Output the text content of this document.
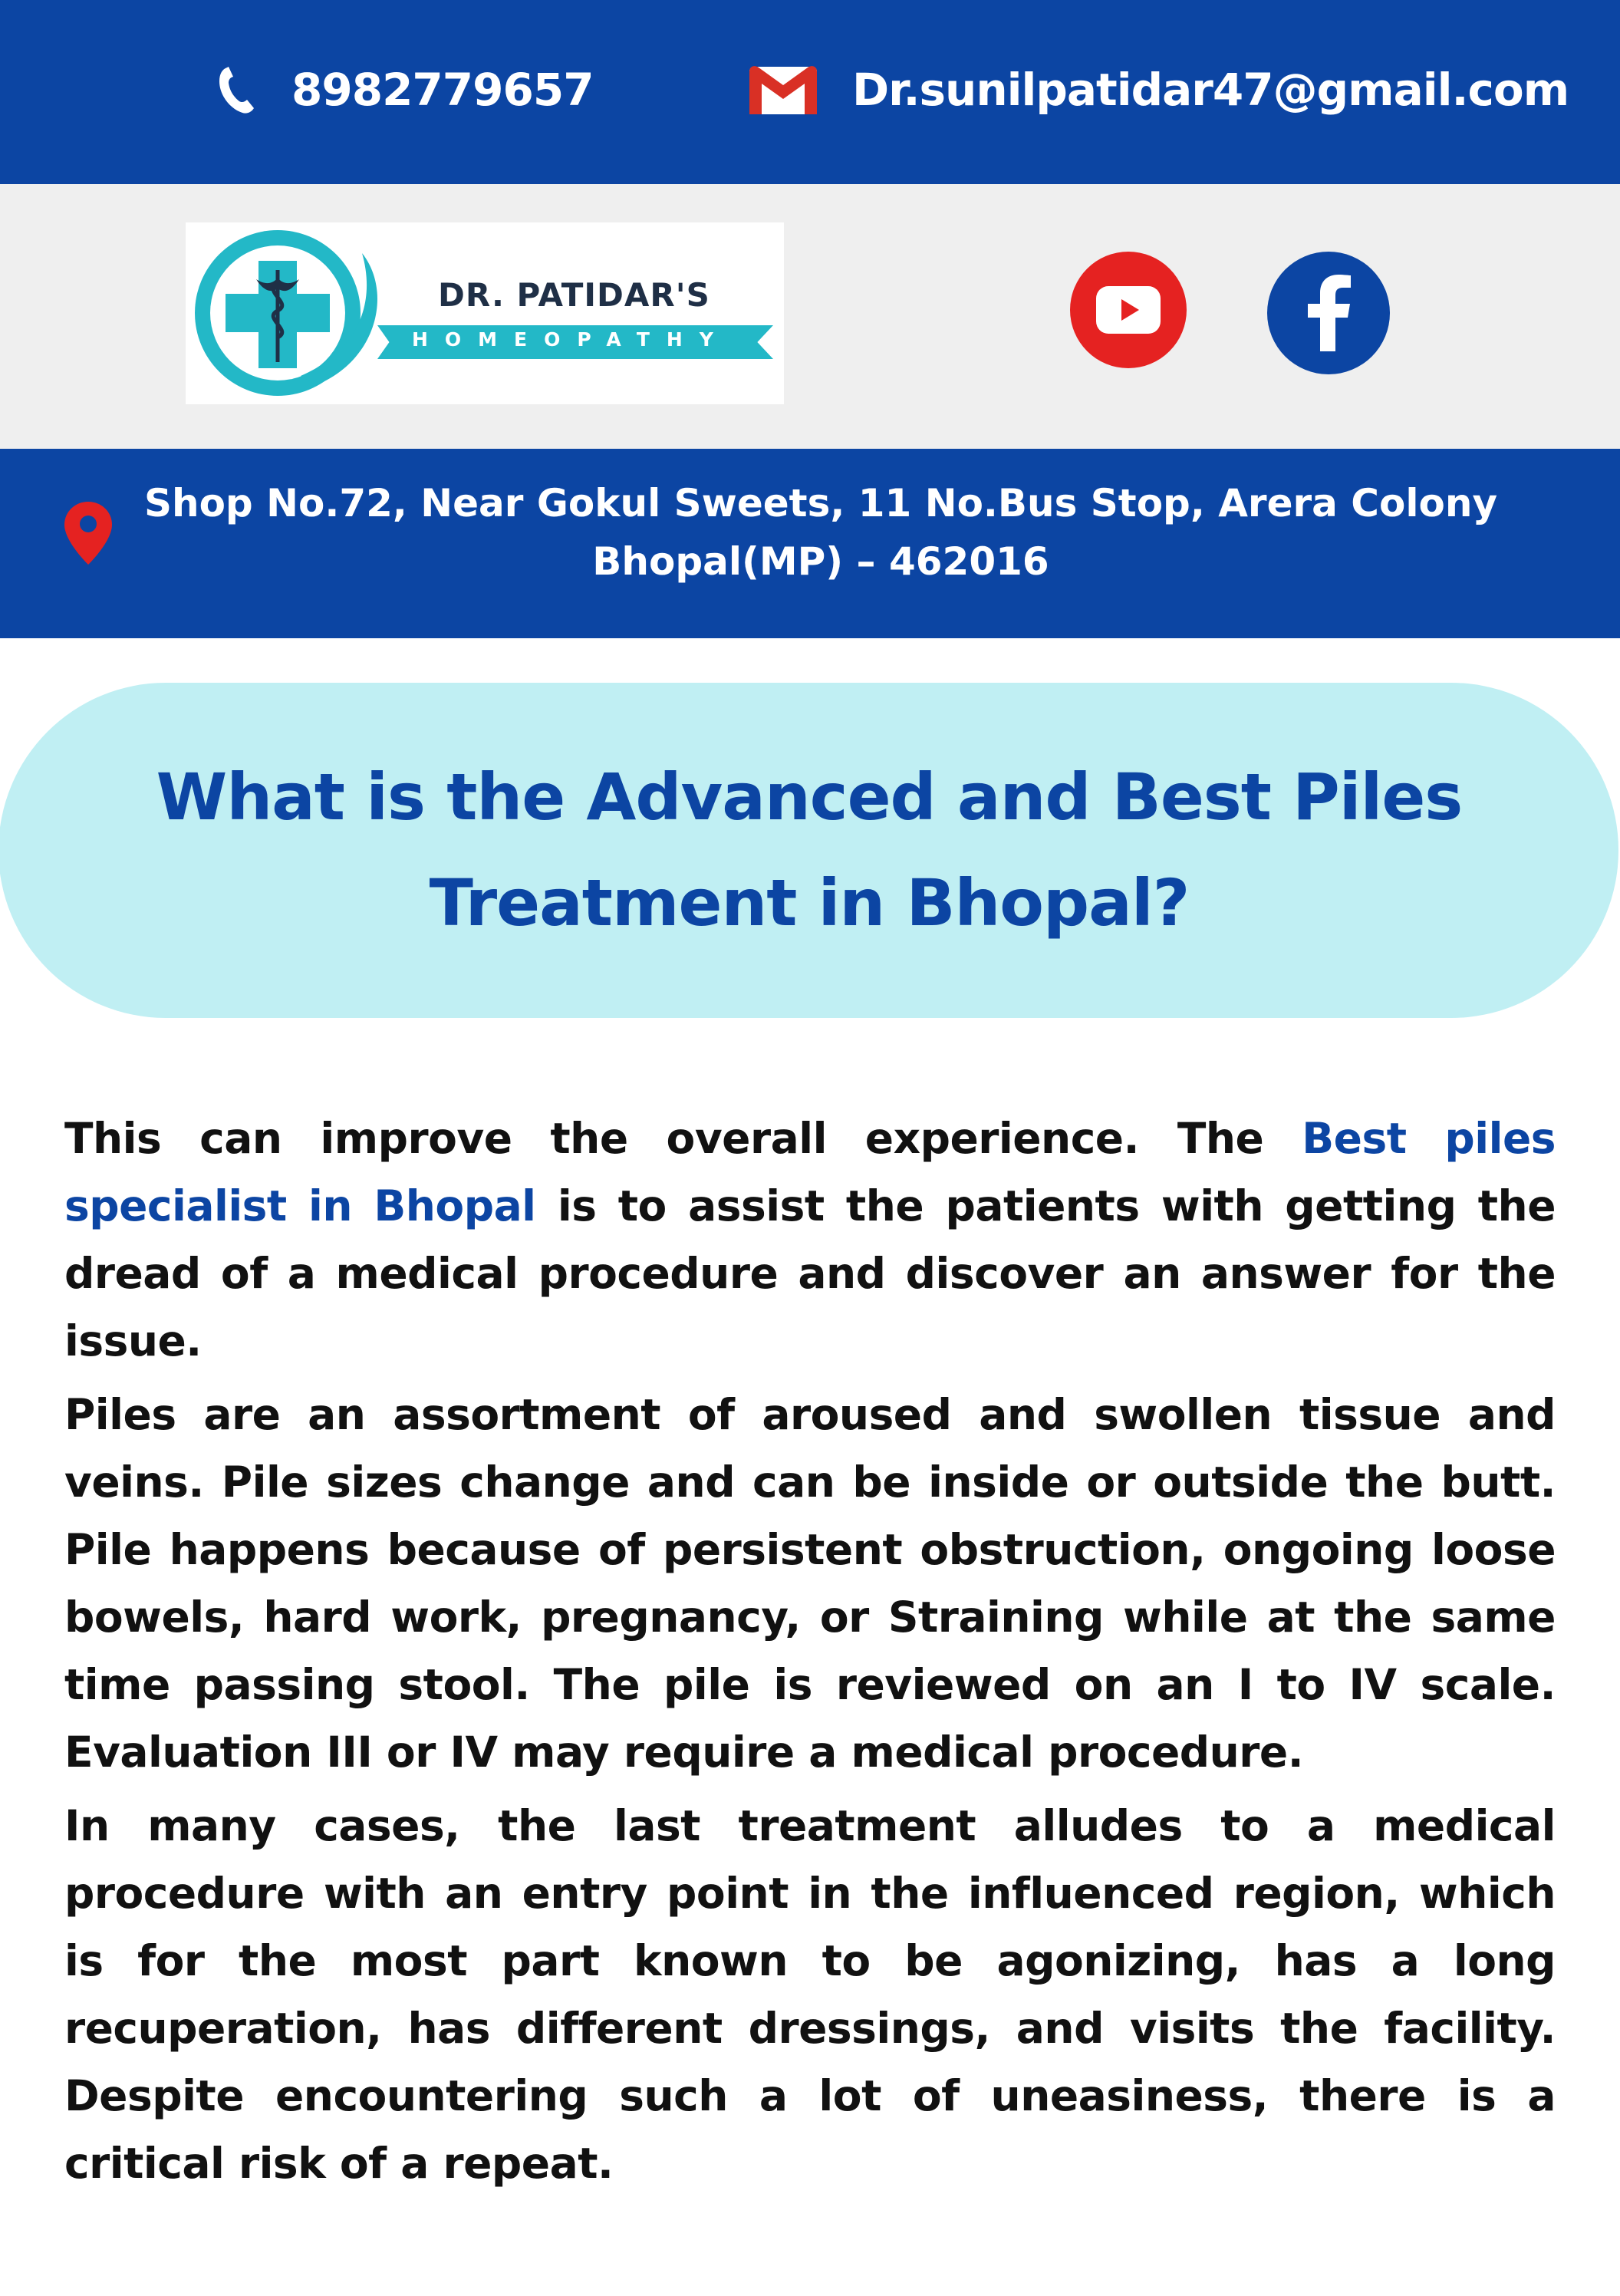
8982779657	Dr.sunilpatidar47@gmail.com
DR. PATIDAR'S
HOMEOPATHY
Shop No.72, Near Gokul Sweets, 11 No.Bus Stop, Arera Colony
Bhopal(MP) – 462016
What is the Advanced and Best Piles
Treatment in Bhopal?

This can improve the overall experience. The Best piles specialist in Bhopal is to assist the patients with getting the dread of a medical procedure and discover an answer for the issue.

Piles are an assortment of aroused and swollen tissue and veins. Pile sizes change and can be inside or outside the butt. Pile happens because of persistent obstruction, ongoing loose bowels, hard work, pregnancy, or Straining while at the same time passing stool. The pile is reviewed on an I to IV scale. Evaluation III or IV may require a medical procedure.

In many cases, the last treatment alludes to a medical procedure with an entry point in the influenced region, which is for the most part known to be agonizing, has a long recuperation, has different dressings, and visits the facility. Despite encountering such a lot of uneasiness, there is a critical risk of a repeat.
